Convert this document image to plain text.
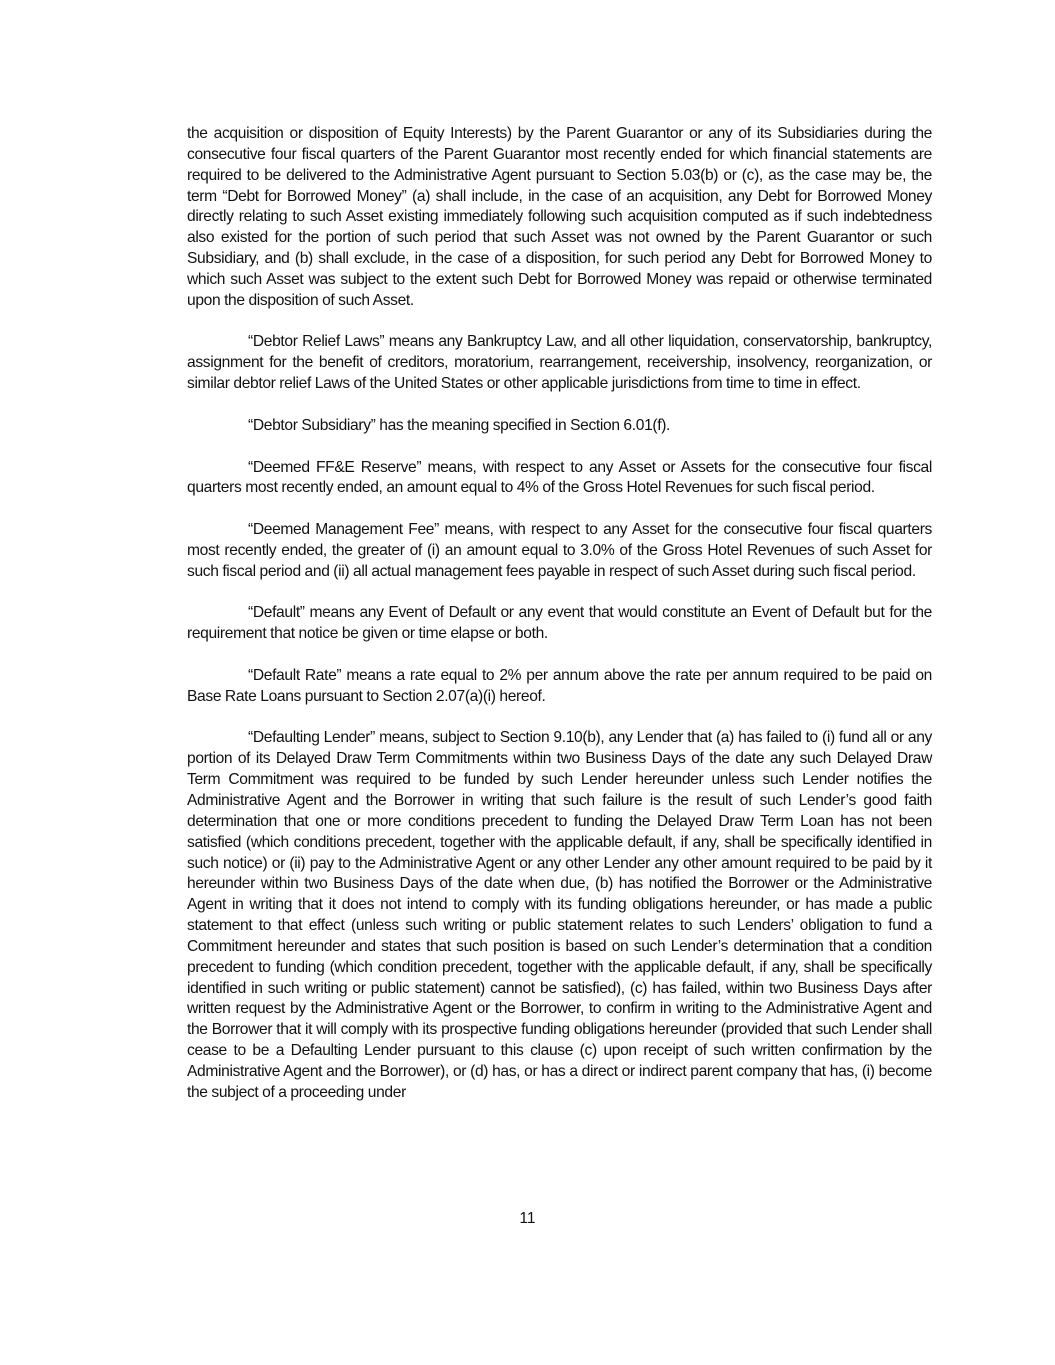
the acquisition or disposition of Equity Interests) by the Parent Guarantor or any of its Subsidiaries during the consecutive four fiscal quarters of the Parent Guarantor most recently ended for which financial statements are required to be delivered to the Administrative Agent pursuant to Section 5.03(b) or (c), as the case may be, the term “Debt for Borrowed Money” (a) shall include, in the case of an acquisition, any Debt for Borrowed Money directly relating to such Asset existing immediately following such acquisition computed as if such indebtedness also existed for the portion of such period that such Asset was not owned by the Parent Guarantor or such Subsidiary, and (b) shall exclude, in the case of a disposition, for such period any Debt for Borrowed Money to which such Asset was subject to the extent such Debt for Borrowed Money was repaid or otherwise terminated upon the disposition of such Asset.

“Debtor Relief Laws” means any Bankruptcy Law, and all other liquidation, conservatorship, bankruptcy, assignment for the benefit of creditors, moratorium, rearrangement, receivership, insolvency, reorganization, or similar debtor relief Laws of the United States or other applicable jurisdictions from time to time in effect.

“Debtor Subsidiary” has the meaning specified in Section 6.01(f).

“Deemed FF&E Reserve” means, with respect to any Asset or Assets for the consecutive four fiscal quarters most recently ended, an amount equal to 4% of the Gross Hotel Revenues for such fiscal period.

“Deemed Management Fee” means, with respect to any Asset for the consecutive four fiscal quarters most recently ended, the greater of (i) an amount equal to 3.0% of the Gross Hotel Revenues of such Asset for such fiscal period and (ii) all actual management fees payable in respect of such Asset during such fiscal period.

“Default” means any Event of Default or any event that would constitute an Event of Default but for the requirement that notice be given or time elapse or both.

“Default Rate” means a rate equal to 2% per annum above the rate per annum required to be paid on Base Rate Loans pursuant to Section 2.07(a)(i) hereof.

“Defaulting Lender” means, subject to Section 9.10(b), any Lender that (a) has failed to (i) fund all or any portion of its Delayed Draw Term Commitments within two Business Days of the date any such Delayed Draw Term Commitment was required to be funded by such Lender hereunder unless such Lender notifies the Administrative Agent and the Borrower in writing that such failure is the result of such Lender’s good faith determination that one or more conditions precedent to funding the Delayed Draw Term Loan has not been satisfied (which conditions precedent, together with the applicable default, if any, shall be specifically identified in such notice) or (ii) pay to the Administrative Agent or any other Lender any other amount required to be paid by it hereunder within two Business Days of the date when due, (b) has notified the Borrower or the Administrative Agent in writing that it does not intend to comply with its funding obligations hereunder, or has made a public statement to that effect (unless such writing or public statement relates to such Lenders’ obligation to fund a Commitment hereunder and states that such position is based on such Lender’s determination that a condition precedent to funding (which condition precedent, together with the applicable default, if any, shall be specifically identified in such writing or public statement) cannot be satisfied), (c) has failed, within two Business Days after written request by the Administrative Agent or the Borrower, to confirm in writing to the Administrative Agent and the Borrower that it will comply with its prospective funding obligations hereunder (provided that such Lender shall cease to be a Defaulting Lender pursuant to this clause (c) upon receipt of such written confirmation by the Administrative Agent and the Borrower), or (d) has, or has a direct or indirect parent company that has, (i) become the subject of a proceeding under

11
